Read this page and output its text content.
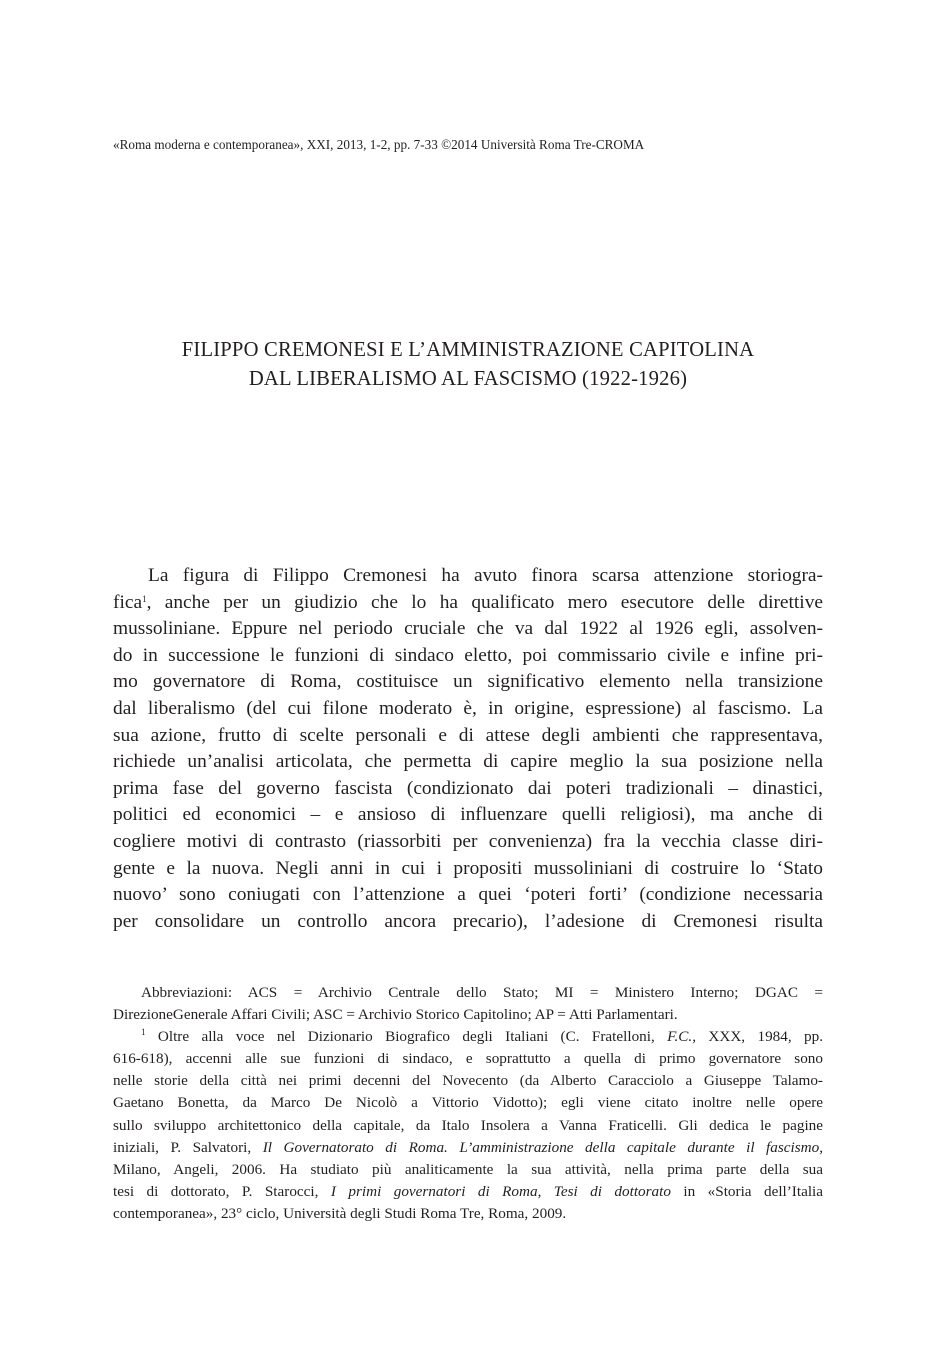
«Roma moderna e contemporanea», XXI, 2013, 1-2, pp. 7-33 ©2014 Università Roma Tre-CROMA
FILIPPO CREMONESI E L’AMMINISTRAZIONE CAPITOLINA
DAL LIBERALISMO AL FASCISMO (1922-1926)
La figura di Filippo Cremonesi ha avuto finora scarsa attenzione storiogra-
fica$^1$, anche per un giudizio che lo ha qualificato mero esecutore delle direttive
mussoliniane. Eppure nel periodo cruciale che va dal 1922 al 1926 egli, assolven-
do in successione le funzioni di sindaco eletto, poi commissario civile e infine pri-
mo governatore di Roma, costituisce un significativo elemento nella transizione
dal liberalismo (del cui filone moderato è, in origine, espressione) al fascismo. La
sua azione, frutto di scelte personali e di attese degli ambienti che rappresentava,
richiede un’analisi articolata, che permetta di capire meglio la sua posizione nella
prima fase del governo fascista (condizionato dai poteri tradizionali – dinastici,
politici ed economici – e ansioso di influenzare quelli religiosi), ma anche di
cogliere motivi di contrasto (riassorbiti per convenienza) fra la vecchia classe diri-
gente e la nuova. Negli anni in cui i propositi mussoliniani di costruire lo ‘Stato
nuovo’ sono coniugati con l’attenzione a quei ‘poteri forti’ (condizione necessaria
per consolidare un controllo ancora precario), l’adesione di Cremonesi risulta
Abbreviazioni: ACS = Archivio Centrale dello Stato; MI = Ministero Interno; DGAC =
DirezioneGenerale Affari Civili; ASC = Archivio Storico Capitolino; AP = Atti Parlamentari.
$^1$ Oltre alla voce nel Dizionario Biografico degli Italiani (C. Fratelloni, F.C., XXX, 1984, pp.
616-618), accenni alle sue funzioni di sindaco, e soprattutto a quella di primo governatore sono
nelle storie della città nei primi decenni del Novecento (da Alberto Caracciolo a Giuseppe Talamo-
Gaetano Bonetta, da Marco De Nicolò a Vittorio Vidotto); egli viene citato inoltre nelle opere
sullo sviluppo architettonico della capitale, da Italo Insolera a Vanna Fraticelli. Gli dedica le pagine
iniziali, P. Salvatori, Il Governatorato di Roma. L’amministrazione della capitale durante il fascismo,
Milano, Angeli, 2006. Ha studiato più analiticamente la sua attività, nella prima parte della sua
tesi di dottorato, P. Starocci, I primi governatori di Roma, Tesi di dottorato in «Storia dell’Italia
contemporanea», 23° ciclo, Università degli Studi Roma Tre, Roma, 2009.
